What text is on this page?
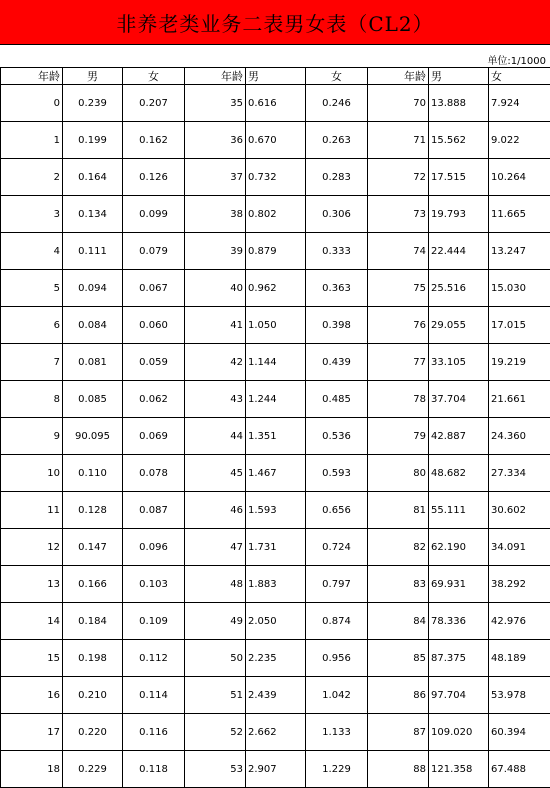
非养老类业务二表男女表（CL2）
单位:1/1000
年龄	男	女	年龄	男	女	年龄	男	女
0	0.239	0.207	35	0.616	0.246	70	13.888	7.924
1	0.199	0.162	36	0.670	0.263	71	15.562	9.022
2	0.164	0.126	37	0.732	0.283	72	17.515	10.264
3	0.134	0.099	38	0.802	0.306	73	19.793	11.665
4	0.111	0.079	39	0.879	0.333	74	22.444	13.247
5	0.094	0.067	40	0.962	0.363	75	25.516	15.030
6	0.084	0.060	41	1.050	0.398	76	29.055	17.015
7	0.081	0.059	42	1.144	0.439	77	33.105	19.219
8	0.085	0.062	43	1.244	0.485	78	37.704	21.661
9	90.095	0.069	44	1.351	0.536	79	42.887	24.360
10	0.110	0.078	45	1.467	0.593	80	48.682	27.334
11	0.128	0.087	46	1.593	0.656	81	55.111	30.602
12	0.147	0.096	47	1.731	0.724	82	62.190	34.091
13	0.166	0.103	48	1.883	0.797	83	69.931	38.292
14	0.184	0.109	49	2.050	0.874	84	78.336	42.976
15	0.198	0.112	50	2.235	0.956	85	87.375	48.189
16	0.210	0.114	51	2.439	1.042	86	97.704	53.978
17	0.220	0.116	52	2.662	1.133	87	109.020	60.394
18	0.229	0.118	53	2.907	1.229	88	121.358	67.488
